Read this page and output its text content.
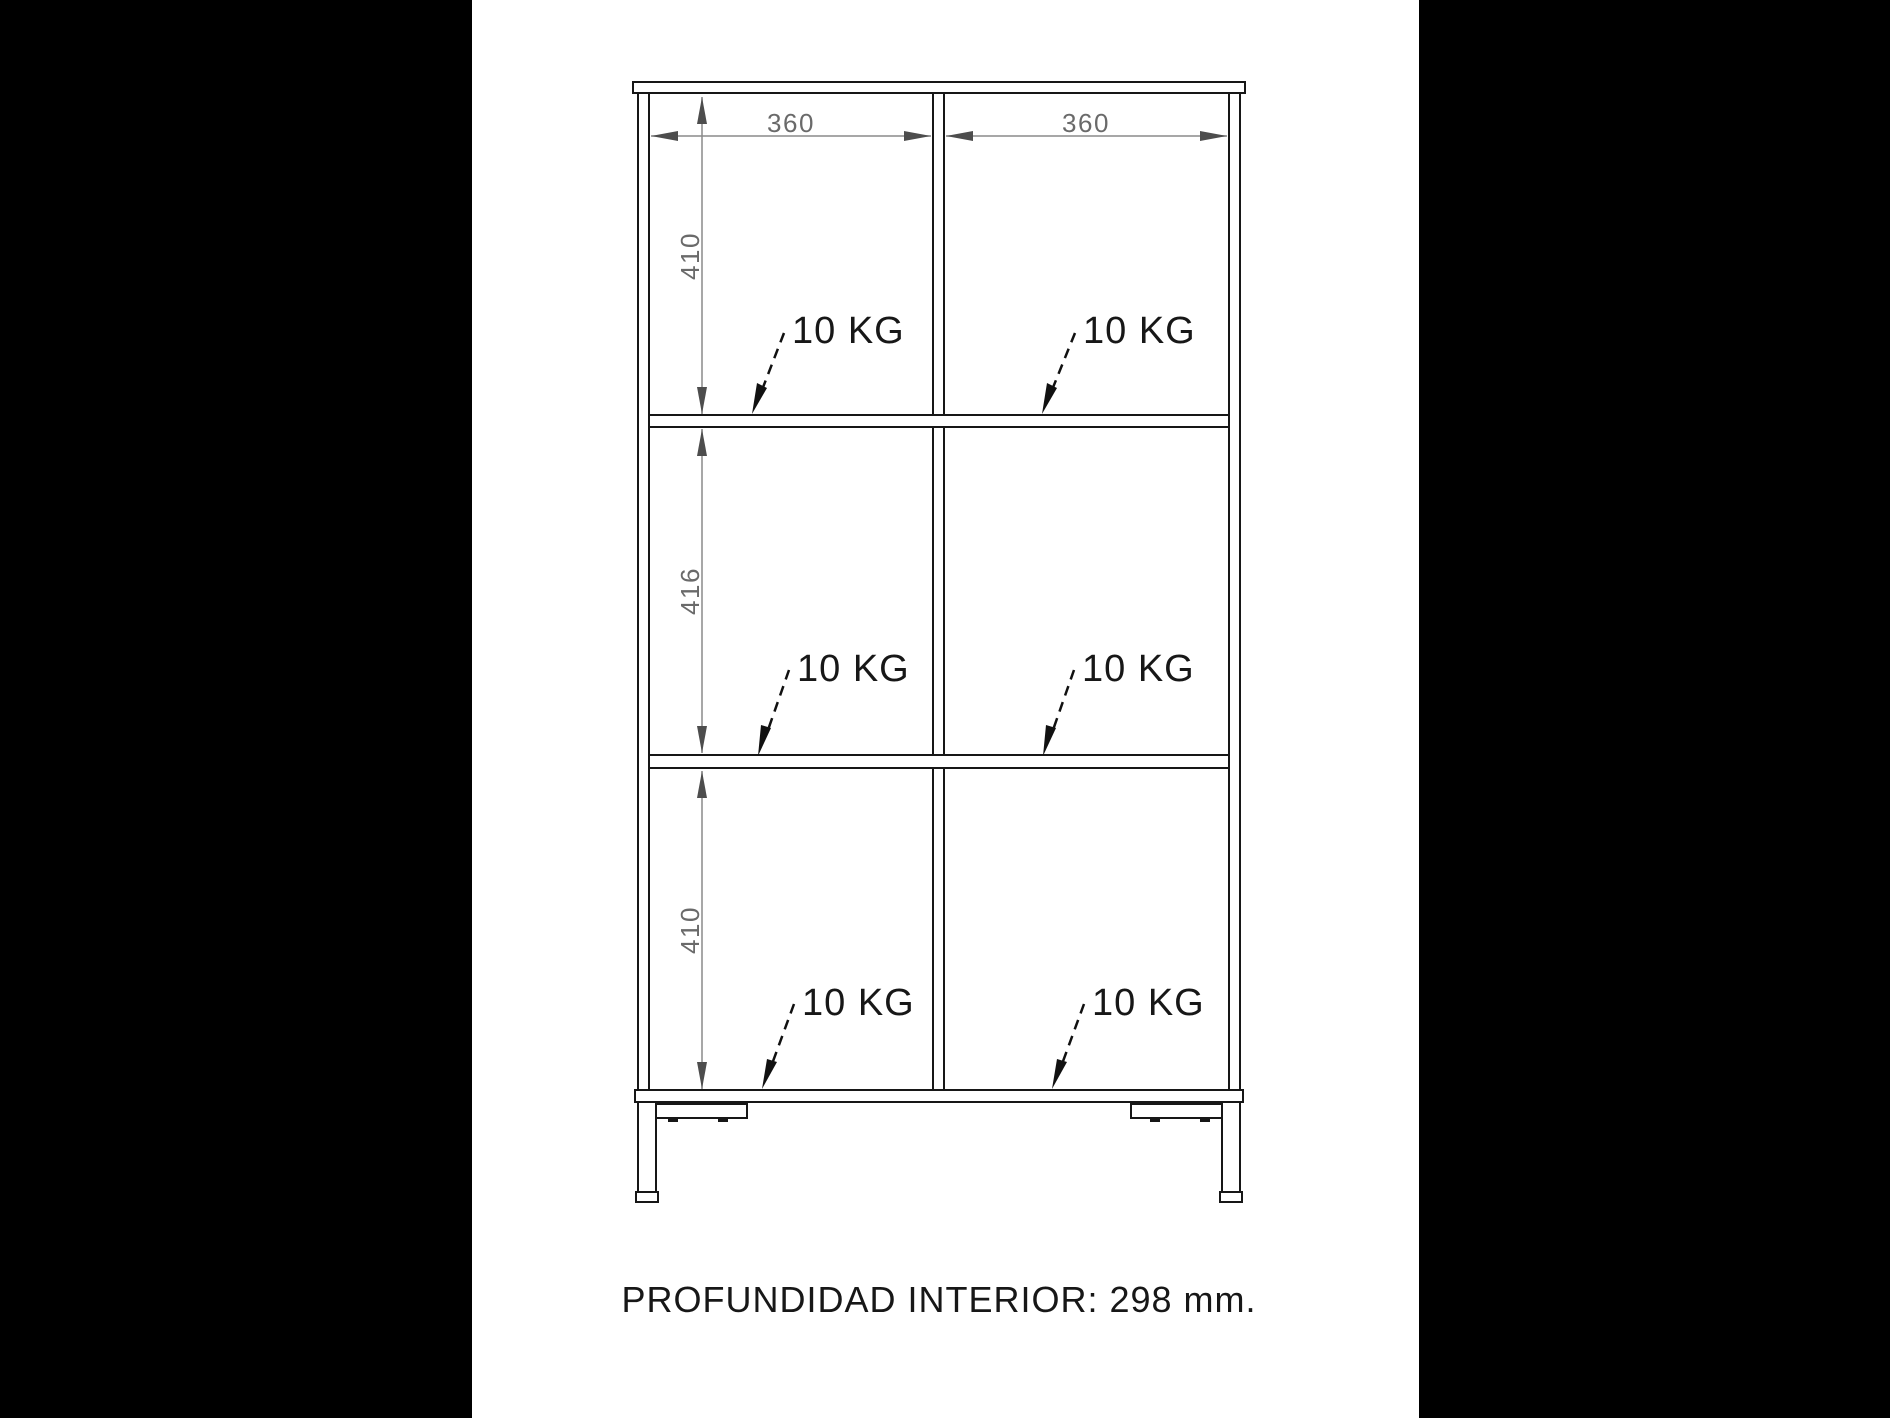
360	360
410
416
410
10 KG	10 KG
10 KG	10 KG
10 KG	10 KG
PROFUNDIDAD INTERIOR: 298 mm.
